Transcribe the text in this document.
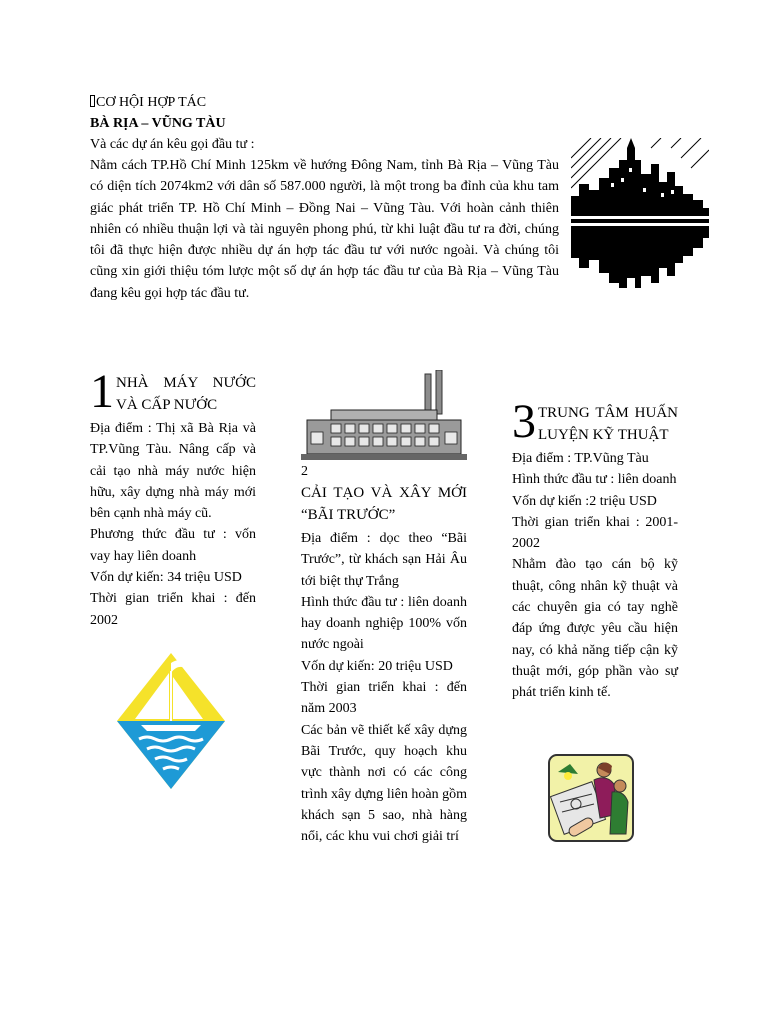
CƠ HỘI HỢP TÁC
BÀ RỊA – VŨNG TÀU
Và các dự án kêu gọi đầu tư :

Nằm cách TP.Hồ Chí Minh 125km về hướng Đông Nam, tỉnh Bà Rịa – Vũng Tàu có diện tích 2074km2 với dân số 587.000 người, là một trong ba đỉnh của khu tam giác phát triển TP. Hồ Chí Minh – Đồng Nai – Vũng Tàu. Với hoàn cảnh thiên nhiên có nhiều thuận lợi và tài nguyên phong phú, từ khi luật đầu tư ra đời, chúng tôi đã thực hiện được nhiều dự án hợp tác đầu tư với nước ngoài. Và chúng tôi cũng xin giới thiệu tóm lược một số dự án hợp tác đầu tư của Bà Rịa – Vũng Tàu đang kêu gọi hợp tác đầu tư.

1 NHÀ MÁY NƯỚC VÀ CẤP NƯỚC

Địa điểm : Thị xã Bà Rịa và TP.Vũng Tàu. Nâng cấp và cải tạo nhà máy nước hiện hữu, xây dựng nhà máy mới bên cạnh nhà máy cũ.

Phương thức đầu tư : vốn vay hay liên doanh

Vốn dự kiến: 34 triệu USD

Thời gian triển khai : đến 2002

2
CẢI TẠO VÀ XÂY MỚI “BÃI TRƯỚC”

Địa điểm : dọc theo “Bãi Trước”, từ khách sạn Hải Âu tới biệt thự Trắng

Hình thức đầu tư : liên doanh hay doanh nghiệp 100% vốn nước ngoài

Vốn dự kiến: 20 triệu USD

Thời gian triển khai : đến năm 2003

Các bản vẽ thiết kế xây dựng Bãi Trước, quy hoạch khu vực thành nơi có các công trình xây dựng liên hoàn gồm khách sạn 5 sao, nhà hàng nổi, các khu vui chơi giải trí

3 TRUNG TÂM HUẤN LUYỆN KỸ THUẬT

Địa điểm : TP.Vũng Tàu

Hình thức đầu tư : liên doanh

Vốn dự kiến :2 triệu USD

Thời gian triển khai : 2001-2002

Nhằm đào tạo cán bộ kỹ thuật, công nhân kỹ thuật và các chuyên gia có tay nghề đáp ứng được yêu cầu hiện nay, có khả năng tiếp cận kỹ thuật mới, góp phần vào sự phát triển kinh tế.
